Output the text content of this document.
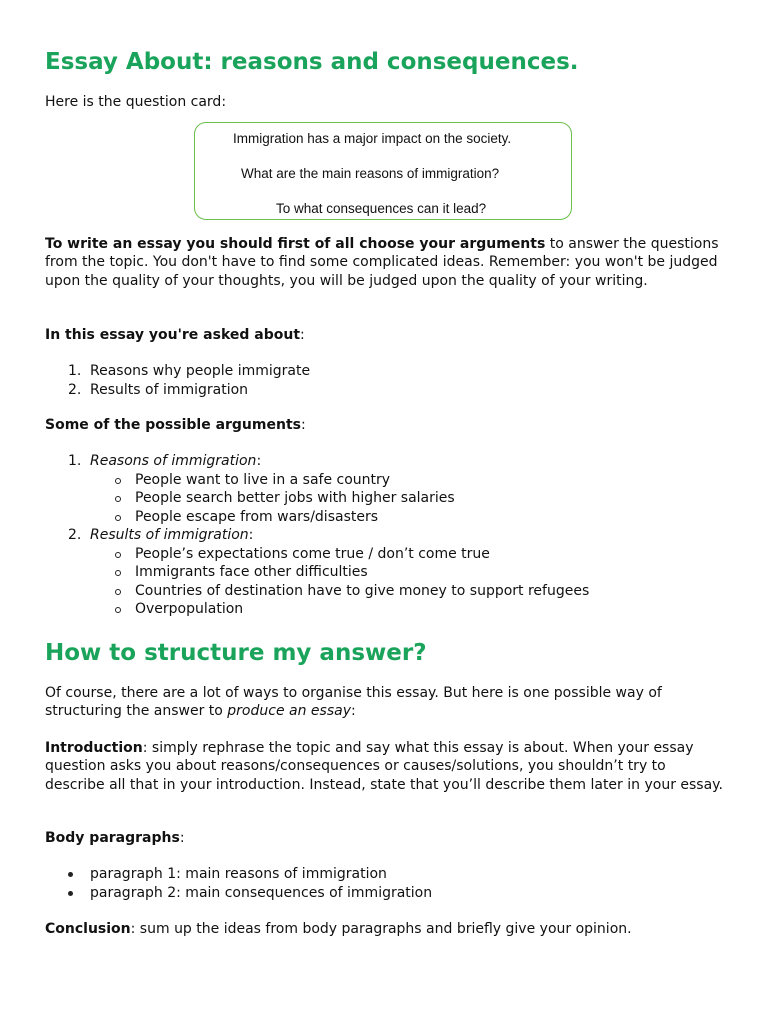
Essay About: reasons and consequences.

Here is the question card:

Immigration has a major impact on the society.
What are the main reasons of immigration?
To what consequences can it lead?

To write an essay you should first of all choose your arguments to answer the questions from the topic. You don't have to find some complicated ideas. Remember: you won't be judged upon the quality of your thoughts, you will be judged upon the quality of your writing.

In this essay you're asked about:

1. Reasons why people immigrate
2. Results of immigration

Some of the possible arguments:

1. Reasons of immigration:
People want to live in a safe country
People search better jobs with higher salaries
People escape from wars/disasters
2. Results of immigration:
People’s expectations come true / don’t come true
Immigrants face other difficulties
Countries of destination have to give money to support refugees
Overpopulation
How to structure my answer?

Of course, there are a lot of ways to organise this essay. But here is one possible way of structuring the answer to produce an essay:

Introduction: simply rephrase the topic and say what this essay is about. When your essay question asks you about reasons/consequences or causes/solutions, you shouldn’t try to describe all that in your introduction. Instead, state that you’ll describe them later in your essay.

Body paragraphs:

paragraph 1: main reasons of immigration
paragraph 2: main consequences of immigration

Conclusion: sum up the ideas from body paragraphs and briefly give your opinion.
